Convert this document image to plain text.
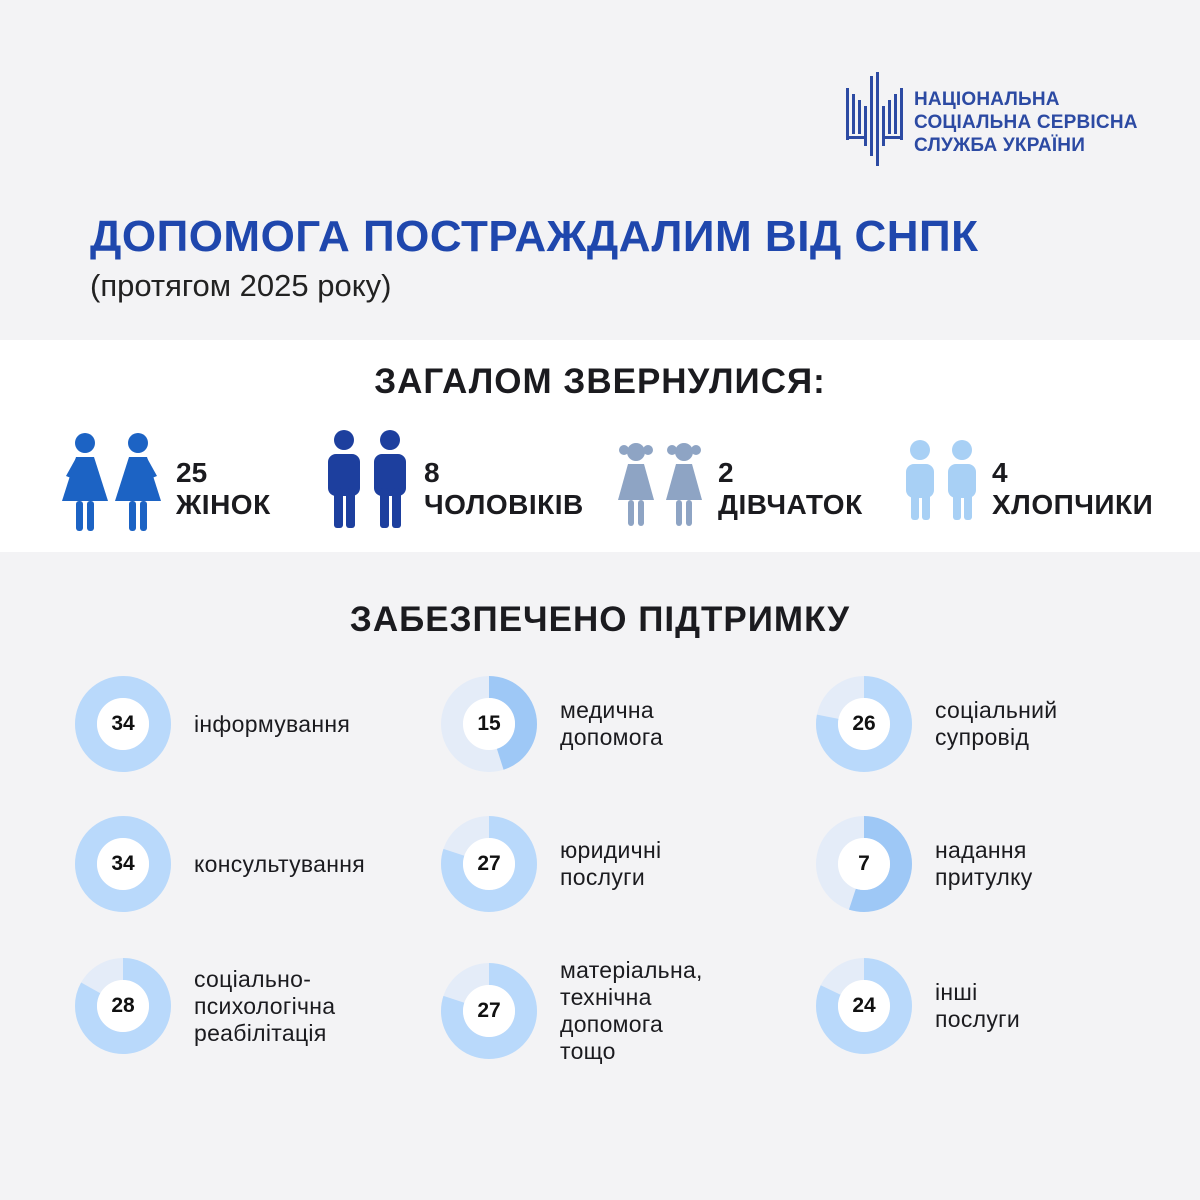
НАЦІОНАЛЬНА
СОЦІАЛЬНА СЕРВІСНА
СЛУЖБА УКРАЇНИ
ДОПОМОГА ПОСТРАЖДАЛИМ ВІД СНПК
(протягом 2025 року)
ЗАГАЛОМ ЗВЕРНУЛИСЯ:
25
ЖІНОК
8
ЧОЛОВІКІВ
2
ДІВЧАТОК
4
ХЛОПЧИКИ
ЗАБЕЗПЕЧЕНО ПІДТРИМКУ
34	інформування	15
медична
допомога
26
соціальний
супровід
34	консультування	27
юридичні
послуги
7
надання
притулку
28
соціально-
психологічна
реабілітація
27
матеріальна,
технічна
допомога тощо
24
інші послуги
